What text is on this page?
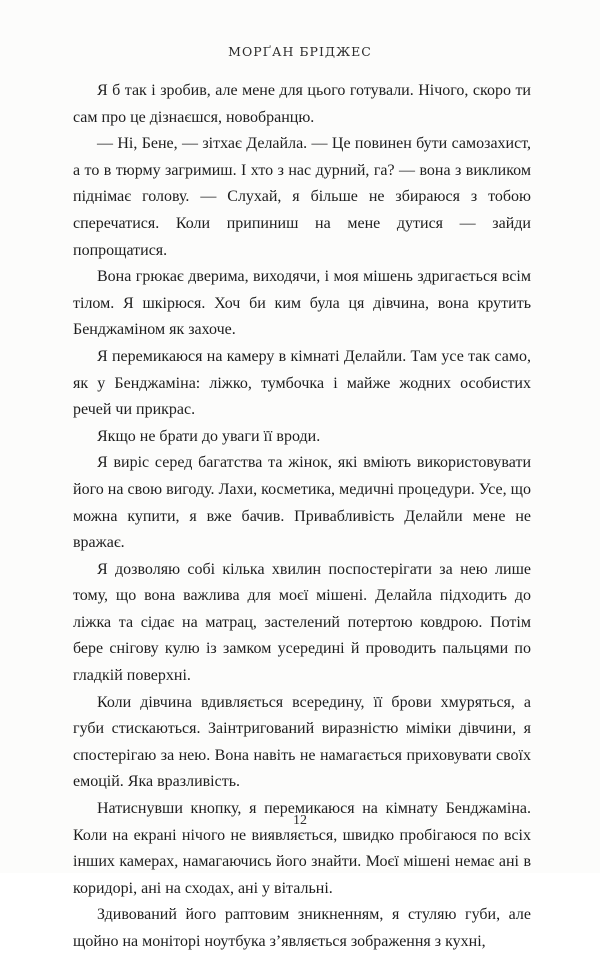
МОРҐАН БРІДЖЕС

Я б так і зробив, але мене для цього готували. Нічого, скоро ти сам про це дізнаєшся, новобранцю.

— Ні, Бене, — зітхає Делайла. — Це повинен бути самозахист, а то в тюрму загримиш. І хто з нас дурний, га? — вона з викликом піднімає голову. — Слухай, я більше не збираюся з тобою сперечатися. Коли припиниш на мене дутися — зайди попрощатися.

Вона грюкає дверима, виходячи, і моя мішень здригається всім тілом. Я шкірюся. Хоч би ким була ця дівчина, вона крутить Бенджаміном як захоче.

Я перемикаюся на камеру в кімнаті Делайли. Там усе так само, як у Бенджаміна: ліжко, тумбочка і майже жодних особистих речей чи прикрас.

Якщо не брати до уваги її вроди.

Я виріс серед багатства та жінок, які вміють використовувати його на свою вигоду. Лахи, косметика, медичні процедури. Усе, що можна купити, я вже бачив. Привабливість Делайли мене не вражає.

Я дозволяю собі кілька хвилин поспостерігати за нею лише тому, що вона важлива для моєї мішені. Делайла підходить до ліжка та сідає на матрац, застелений потертою ковдрою. Потім бере снігову кулю із замком усередині й проводить пальцями по гладкій поверхні.

Коли дівчина вдивляється всередину, її брови хмуряться, а губи стискаються. Заінтригований виразністю міміки дівчини, я спостерігаю за нею. Вона навіть не намагається приховувати своїх емоцій. Яка вразливість.

Натиснувши кнопку, я перемикаюся на кімнату Бенджаміна. Коли на екрані нічого не виявляється, швидко пробігаюся по всіх інших камерах, намагаючись його знайти. Моєї мішені немає ані в коридорі, ані на сходах, ані у вітальні.

Здивований його раптовим зникненням, я стуляю губи, але щойно на моніторі ноутбука з’являється зображення з кухні,

12
